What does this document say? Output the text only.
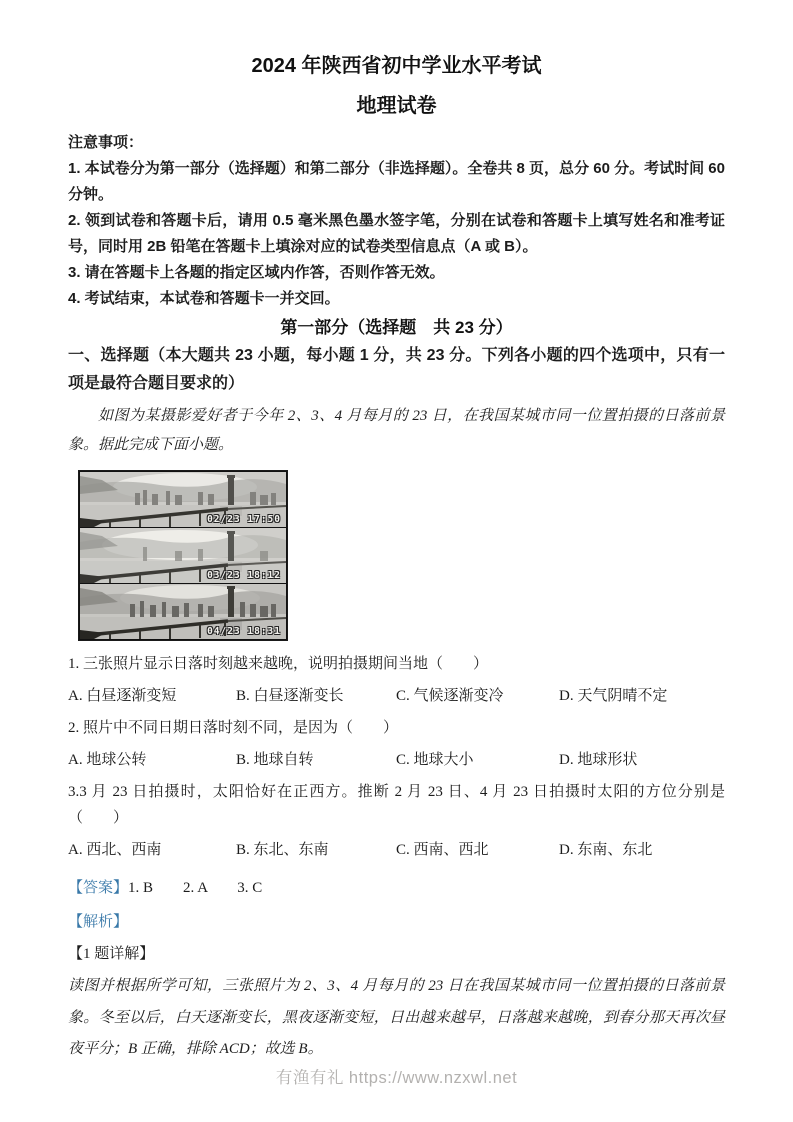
2024 年陕西省初中学业水平考试
地理试卷

注意事项：

1. 本试卷分为第一部分（选择题）和第二部分（非选择题）。全卷共 8 页，总分 60 分。考试时间 60 分钟。

2. 领到试卷和答题卡后，请用 0.5 毫米黑色墨水签字笔，分别在试卷和答题卡上填写姓名和准考证号，同时用 2B 铅笔在答题卡上填涂对应的试卷类型信息点（A 或 B）。

3. 请在答题卡上各题的指定区域内作答，否则作答无效。

4. 考试结束，本试卷和答题卡一并交回。

第一部分（选择题　共 23 分）

一、选择题（本大题共 23 小题，每小题 1 分，共 23 分。下列各小题的四个选项中，只有一项是最符合题目要求的）

如图为某摄影爱好者于今年 2、3、4 月每月的 23 日，在我国某城市同一位置拍摄的日落前景象。据此完成下面小题。

02/23 17:50
03/23 18:12
04/23 18:31

1. 三张照片显示日落时刻越来越晚，说明拍摄期间当地（　　）

A. 白昼逐渐变短	B. 白昼逐渐变长	C. 气候逐渐变冷	D. 天气阴晴不定

2. 照片中不同日期日落时刻不同，是因为（　　）

A. 地球公转	B. 地球自转	C. 地球大小	D. 地球形状

3.3 月 23 日拍摄时，太阳恰好在正西方。推断 2 月 23 日、4 月 23 日拍摄时太阳的方位分别是（　　）

A. 西北、西南	B. 东北、东南	C. 西南、西北	D. 东南、东北
【答案】1. B　　2. A　　3. C

【解析】

【1 题详解】

读图并根据所学可知，三张照片为 2、3、4 月每月的 23 日在我国某城市同一位置拍摄的日落前景象。冬至以后，白天逐渐变长，黑夜逐渐变短，日出越来越早，日落越来越晚，到春分那天再次昼夜平分；B 正确，排除 ACD；故选 B。

有渔有礼 https://www.nzxwl.net
